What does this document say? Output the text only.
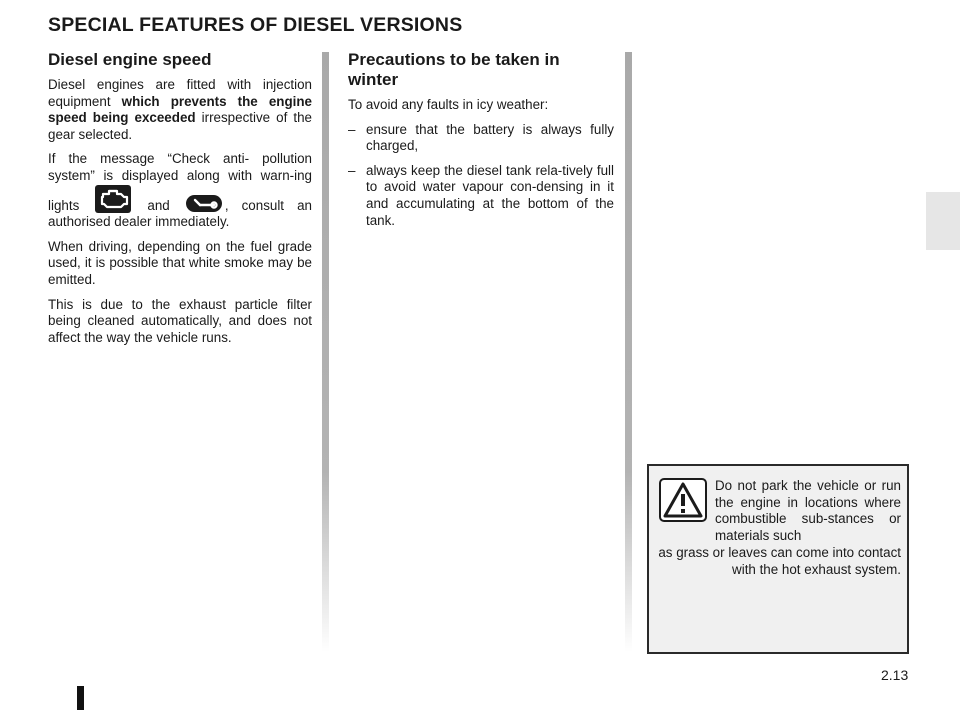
SPECIAL FEATURES OF DIESEL VERSIONS
Diesel engine speed

Diesel engines are fitted with injection equipment which prevents the engine speed being exceeded irrespective of the gear selected.

If the message “Check anti- pollution system” is displayed along with warn-ing lights	and	, consult an authorised dealer immediately.

When driving, depending on the fuel grade used, it is possible that white smoke may be emitted.

This is due to the exhaust particle filter being cleaned automatically, and does not affect the way the vehicle runs.

Precautions to be taken in winter

To avoid any faults in icy weather:

– ensure that the battery is always fully charged,
– always keep the diesel tank rela-tively full to avoid water vapour con-densing in it and accumulating at the bottom of the tank.
Do not park the vehicle or run the engine in locations where combustible sub-stances or materials such
as grass or leaves can come into contact with the hot exhaust system.
2.13
